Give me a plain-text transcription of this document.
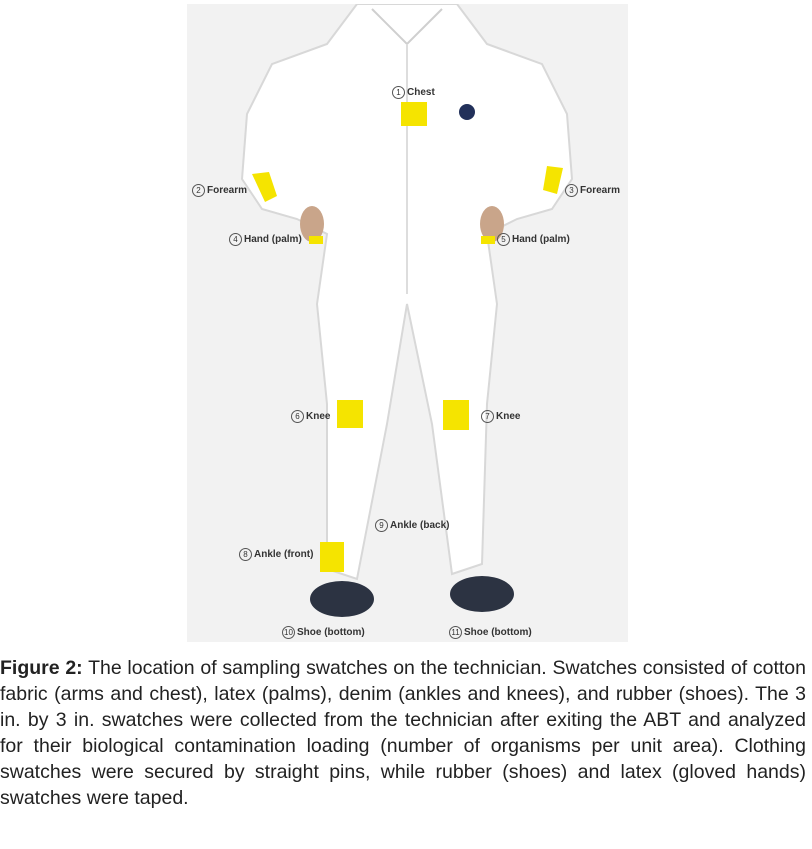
1 Chest
2 Forearm	3 Forearm
4 Hand (palm)	5 Hand (palm)
6 Knee	7 Knee
8 Ankle (front)
9 Ankle (back)
10 Shoe (bottom)	11 Shoe (bottom)
Figure 2: The location of sampling swatches on the technician. Swatches consisted of cotton fabric (arms and chest), latex (palms), denim (ankles and knees), and rubber (shoes). The 3 in. by 3 in. swatches were collected from the technician after exiting the ABT and analyzed for their biological contamination loading (number of organisms per unit area). Clothing swatches were secured by straight pins, while rubber (shoes) and latex (gloved hands) swatches were taped.
